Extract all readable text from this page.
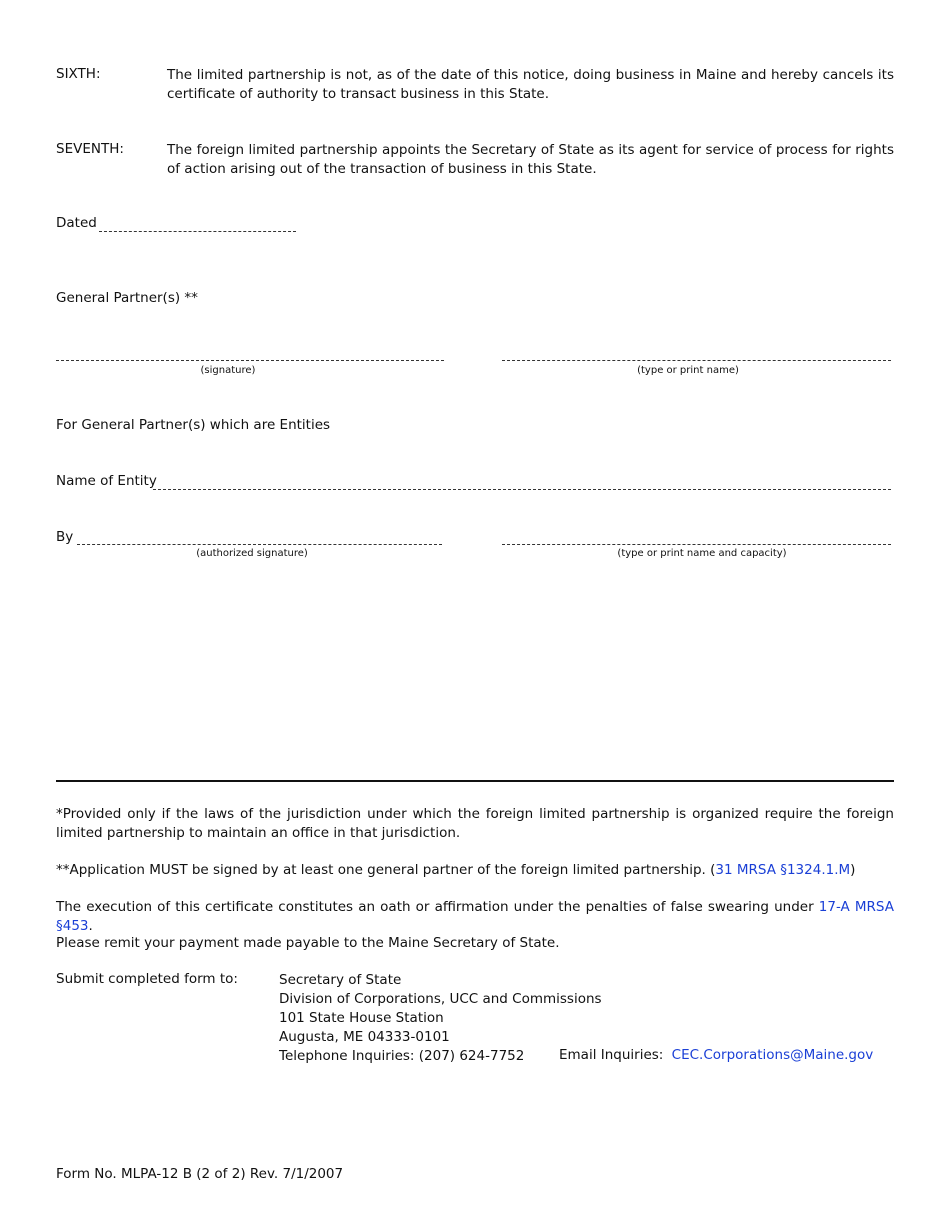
SIXTH:	The limited partnership is not, as of the date of this notice, doing business in Maine and hereby cancels its certificate of authority to transact business in this State.
SEVENTH:	The foreign limited partnership appoints the Secretary of State as its agent for service of process for rights of action arising out of the transaction of business in this State.
Dated
General Partner(s) **
(signature)	(type or print name)
For General Partner(s) which are Entities
Name of Entity
By
(authorized signature)	(type or print name and capacity)
*Provided only if the laws of the jurisdiction under which the foreign limited partnership is organized require the foreign limited partnership to maintain an office in that jurisdiction.
**Application MUST be signed by at least one general partner of the foreign limited partnership. (31 MRSA §1324.1.M)
The execution of this certificate constitutes an oath or affirmation under the penalties of false swearing under 17-A MRSA §453.
Please remit your payment made payable to the Maine Secretary of State.
Submit completed form to:	Secretary of State
Division of Corporations, UCC and Commissions
101 State House Station
Augusta, ME 04333-0101
Telephone Inquiries: (207) 624-7752	Email Inquiries: CEC.Corporations@Maine.gov
Form No. MLPA-12 B (2 of 2) Rev. 7/1/2007
